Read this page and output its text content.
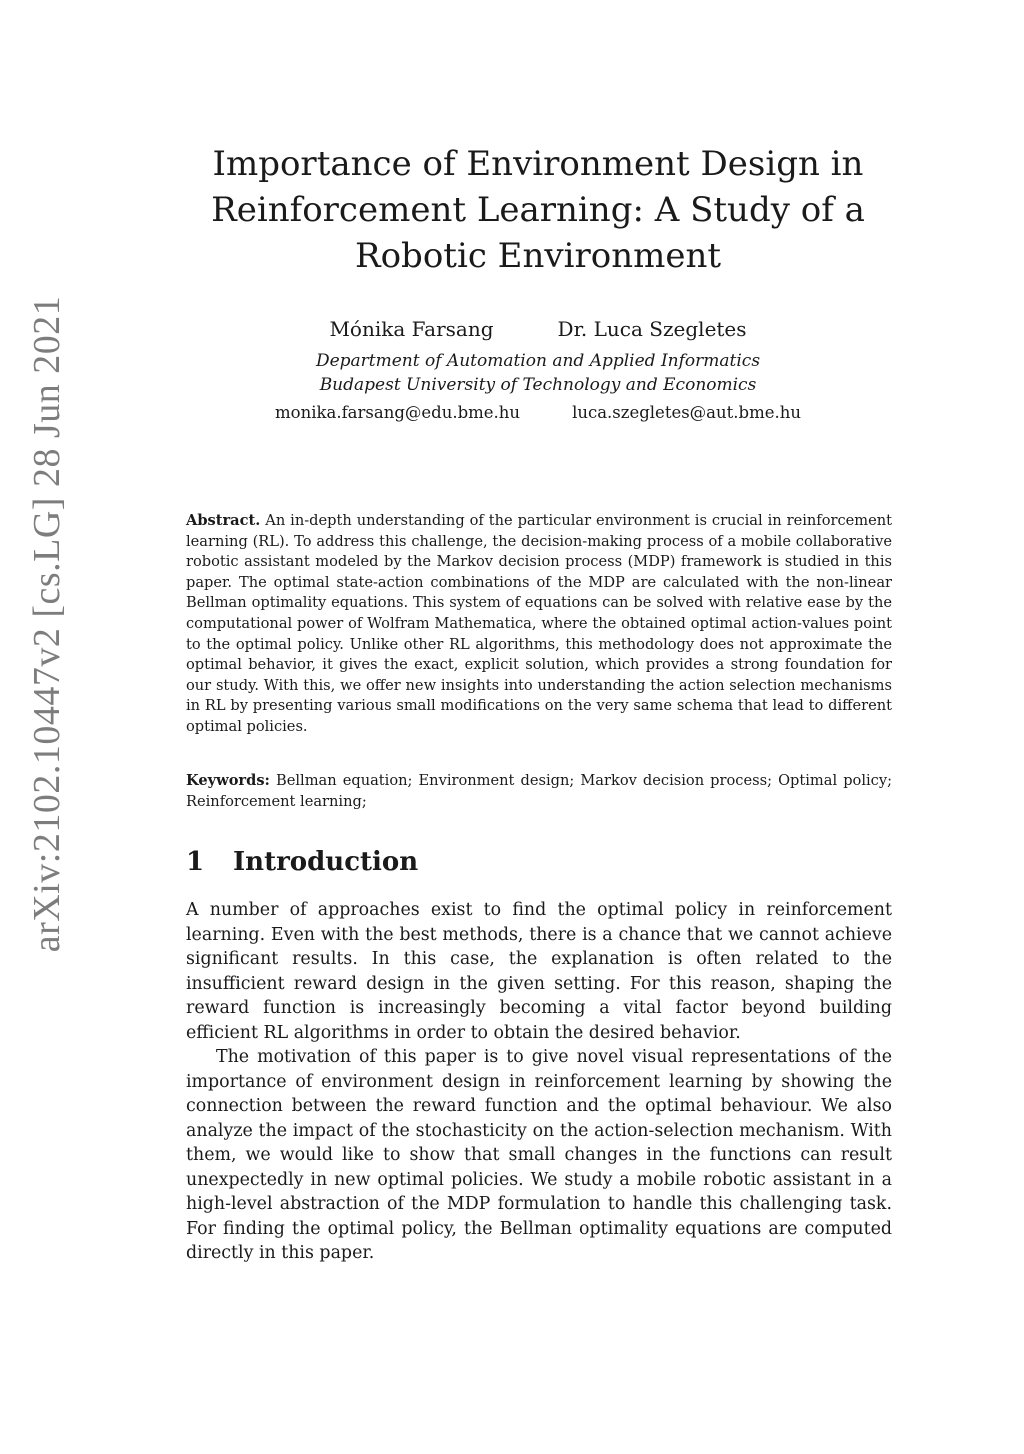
arXiv:2102.10447v2 [cs.LG] 28 Jun 2021
Importance of Environment Design in
Reinforcement Learning: A Study of a
Robotic Environment
Mónika Farsang	Dr. Luca Szegletes
Department of Automation and Applied Informatics
Budapest University of Technology and Economics
monika.farsang@edu.bme.hu	luca.szegletes@aut.bme.hu

Abstract. An in-depth understanding of the particular environment is crucial in reinforcement learning (RL). To address this challenge, the decision-making process of a mobile collaborative robotic assistant modeled by the Markov decision process (MDP) framework is studied in this paper. The optimal state-action combinations of the MDP are calculated with the non-linear Bellman optimality equations. This system of equations can be solved with relative ease by the computational power of Wolfram Mathematica, where the obtained optimal action-values point to the optimal policy. Unlike other RL algorithms, this methodology does not approximate the optimal behavior, it gives the exact, explicit solution, which provides a strong foundation for our study. With this, we offer new insights into understanding the action selection mechanisms in RL by presenting various small modifications on the very same schema that lead to different optimal policies.

Keywords: Bellman equation; Environment design; Markov decision process; Optimal policy; Reinforcement learning;

1 Introduction

A number of approaches exist to find the optimal policy in reinforcement learning. Even with the best methods, there is a chance that we cannot achieve significant results. In this case, the explanation is often related to the insufficient reward design in the given setting. For this reason, shaping the reward function is increasingly becoming a vital factor beyond building efficient RL algorithms in order to obtain the desired behavior.

The motivation of this paper is to give novel visual representations of the importance of environment design in reinforcement learning by showing the connection between the reward function and the optimal behaviour. We also analyze the impact of the stochasticity on the action-selection mechanism. With them, we would like to show that small changes in the functions can result unexpectedly in new optimal policies. We study a mobile robotic assistant in a high-level abstraction of the MDP formulation to handle this challenging task. For finding the optimal policy, the Bellman optimality equations are computed directly in this paper.
